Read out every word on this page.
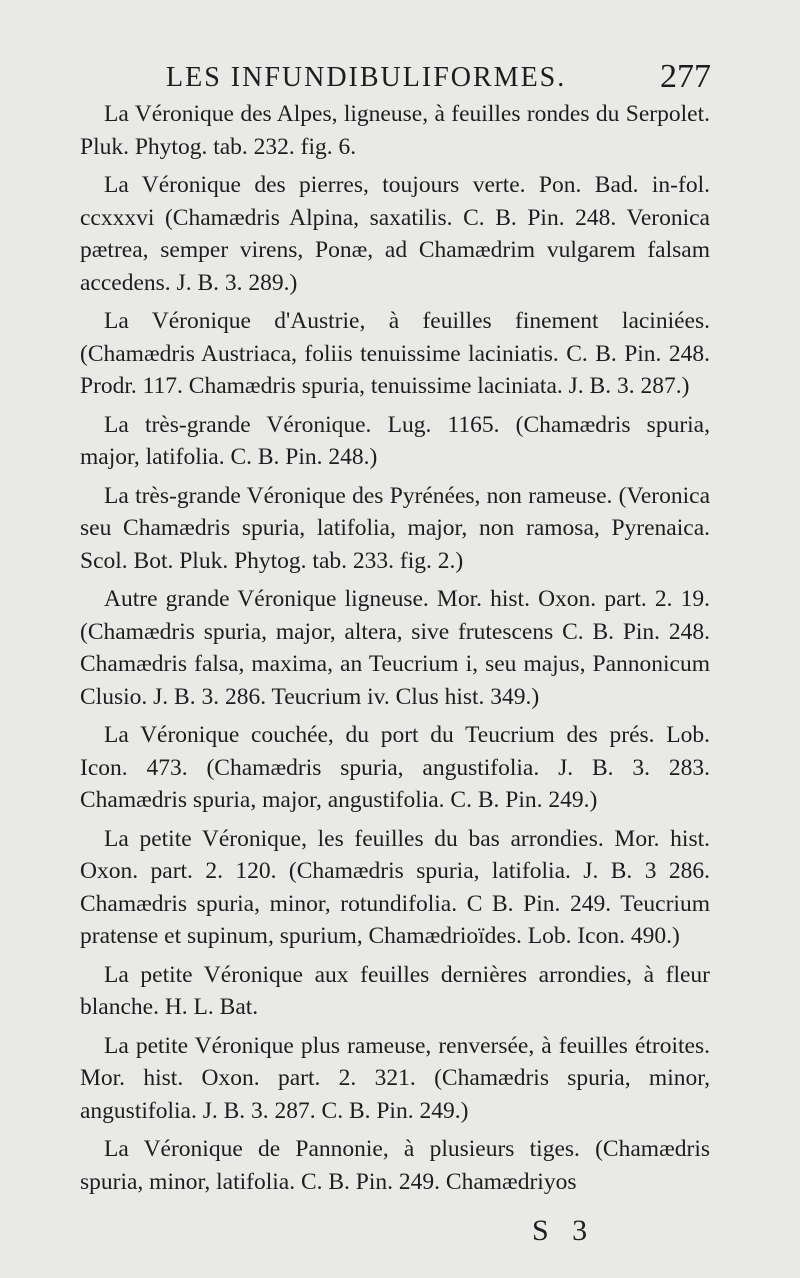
LES INFUNDIBULIFORMES.	277

La Véronique des Alpes, ligneuse, à feuilles rondes du Serpolet. Pluk. Phytog. tab. 232. fig. 6.

La Véronique des pierres, toujours verte. Pon. Bad. in-fol. ccxxxvi (Chamædris Alpina, saxatilis. C. B. Pin. 248. Veronica pætrea, semper virens, Ponæ, ad Chamædrim vulgarem falsam accedens. J. B. 3. 289.)

La Véronique d'Austrie, à feuilles finement laciniées. (Chamædris Austriaca, foliis tenuissime laciniatis. C. B. Pin. 248. Prodr. 117. Chamædris spuria, tenuissime laciniata. J. B. 3. 287.)

La très-grande Véronique. Lug. 1165. (Chamædris spuria, major, latifolia. C. B. Pin. 248.)

La très-grande Véronique des Pyrénées, non rameuse. (Veronica seu Chamædris spuria, latifolia, major, non ramosa, Pyrenaica. Scol. Bot. Pluk. Phytog. tab. 233. fig. 2.)

Autre grande Véronique ligneuse. Mor. hist. Oxon. part. 2. 19. (Chamædris spuria, major, altera, sive frutescens C. B. Pin. 248. Chamædris falsa, maxima, an Teucrium i, seu majus, Pannonicum Clusio. J. B. 3. 286. Teucrium iv. Clus hist. 349.)

La Véronique couchée, du port du Teucrium des prés. Lob. Icon. 473. (Chamædris spuria, angustifolia. J. B. 3. 283. Chamædris spuria, major, angustifolia. C. B. Pin. 249.)

La petite Véronique, les feuilles du bas arrondies. Mor. hist. Oxon. part. 2. 120. (Chamædris spuria, latifolia. J. B. 3 286. Chamædris spuria, minor, rotundifolia. C B. Pin. 249. Teucrium pratense et supinum, spurium, Chamædrioïdes. Lob. Icon. 490.)

La petite Véronique aux feuilles dernières arrondies, à fleur blanche. H. L. Bat.

La petite Véronique plus rameuse, renversée, à feuilles étroites. Mor. hist. Oxon. part. 2. 321. (Chamædris spuria, minor, angustifolia. J. B. 3. 287. C. B. Pin. 249.)

La Véronique de Pannonie, à plusieurs tiges. (Chamædris spuria, minor, latifolia. C. B. Pin. 249. Chamædriyos

S 3
